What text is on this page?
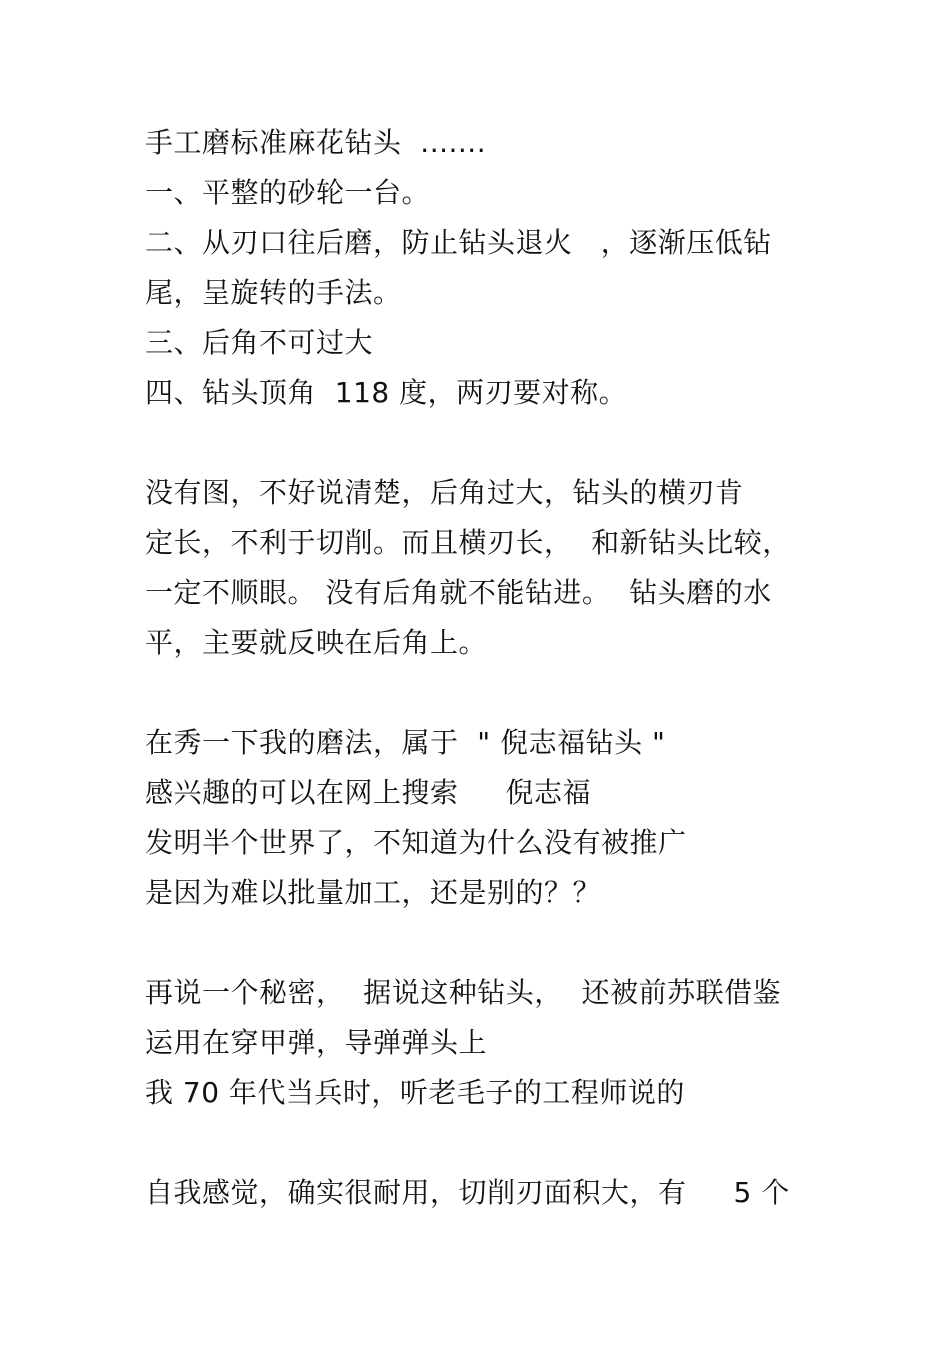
手工磨标准麻花钻头  .......
一、平整的砂轮一台。
二、从刃口往后磨，防止钻头退火   ，逐渐压低钻
尾，呈旋转的手法。
三、后角不可过大
四、钻头顶角  118 度，两刃要对称。
没有图，不好说清楚，后角过大，钻头的横刃肯
定长，不利于切削。而且横刃长，  和新钻头比较，
一定不顺眼。 没有后角就不能钻进。  钻头磨的水
平，主要就反映在后角上。
在秀一下我的磨法，属于  " 倪志福钻头 "
感兴趣的可以在网上搜索     倪志福
发明半个世界了，不知道为什么没有被推广
是因为难以批量加工，还是别的？？
再说一个秘密，  据说这种钻头，  还被前苏联借鉴
运用在穿甲弹，导弹弹头上
我 70 年代当兵时，听老毛子的工程师说的
自我感觉，确实很耐用，切削刃面积大，有     5 个
